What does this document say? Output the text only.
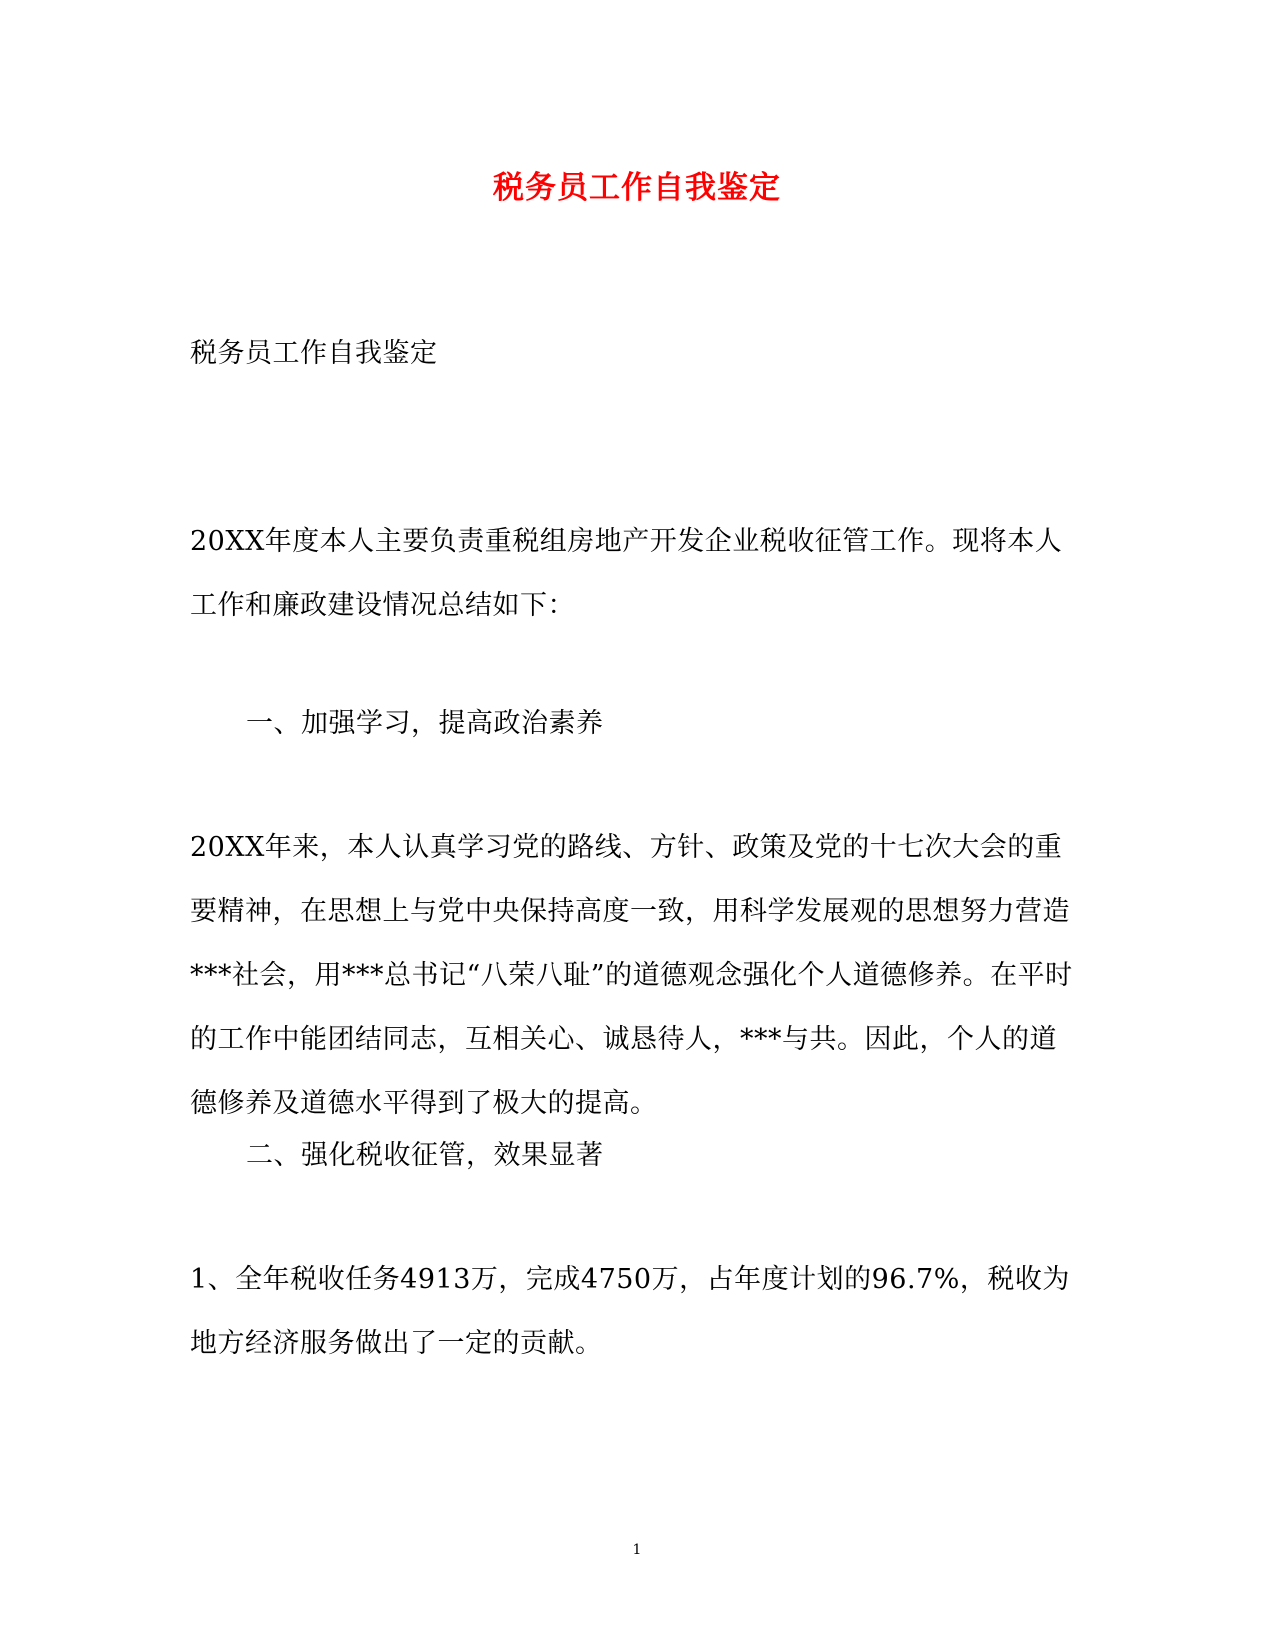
税务员工作自我鉴定
税务员工作自我鉴定
20XX年度本人主要负责重税组房地产开发企业税收征管工作。现将本人工作和廉政建设情况总结如下：
一、加强学习，提高政治素养
20XX年来，本人认真学习党的路线、方针、政策及党的十七次大会的重要精神，在思想上与党中央保持高度一致，用科学发展观的思想努力营造***社会，用***总书记“八荣八耻”的道德观念强化个人道德修养。在平时的工作中能团结同志，互相关心、诚恳待人，***与共。因此，个人的道德修养及道德水平得到了极大的提高。
二、强化税收征管，效果显著
1、全年税收任务4913万，完成4750万，占年度计划的96.7%，税收为地方经济服务做出了一定的贡献。
1
